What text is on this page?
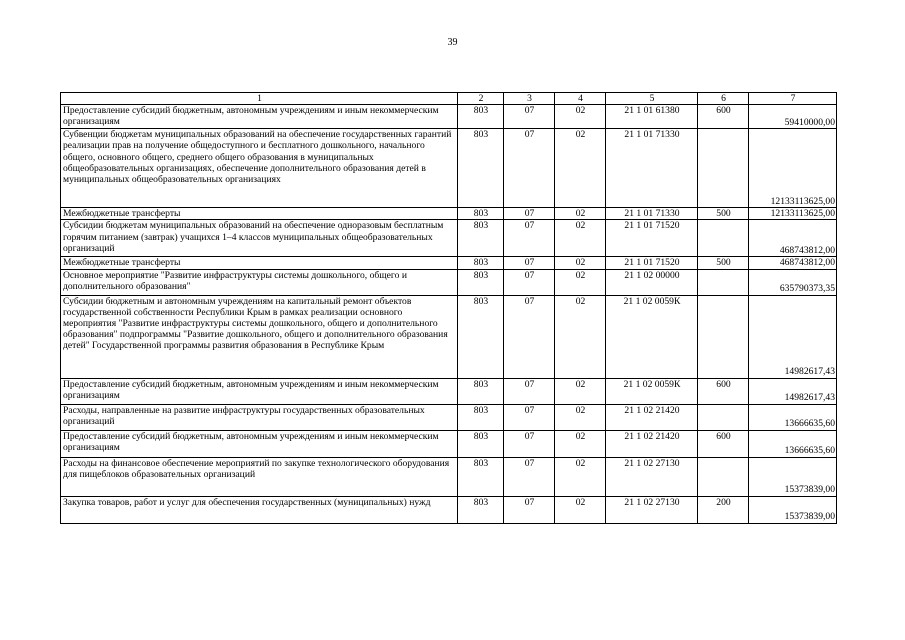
39
1	2	3	4	5	6	7
Предоставление субсидий бюджетным, автономным учреждениям и иным некоммерческим организациям	803	07	02	21 1 01 61380	600	59410000,00
Субвенции бюджетам муниципальных образований на обеспечение государственных гарантий реализации прав на получение общедоступного и бесплатного дошкольного, начального общего, основного общего, среднего общего образования в муниципальных общеобразовательных организациях, обеспечение дополнительного образования детей в муниципальных общеобразовательных организациях	803	07	02	21 1 01 71330		12133113625,00
Межбюджетные трансферты	803	07	02	21 1 01 71330	500	12133113625,00
Субсидии бюджетам муниципальных образований на обеспечение одноразовым бесплатным горячим питанием (завтрак) учащихся 1–4 классов муниципальных общеобразовательных организаций	803	07	02	21 1 01 71520		468743812,00
Межбюджетные трансферты	803	07	02	21 1 01 71520	500	468743812,00
Основное мероприятие "Развитие инфраструктуры системы дошкольного, общего и дополнительного образования"	803	07	02	21 1 02 00000		635790373,35
Субсидии бюджетным и автономным учреждениям на капитальный ремонт объектов государственной собственности Республики Крым в рамках реализации основного мероприятия "Развитие инфраструктуры системы дошкольного, общего и дополнительного образования" подпрограммы "Развитие дошкольного, общего и дополнительного образования детей" Государственной программы развития образования в Республике Крым	803	07	02	21 1 02 0059К		14982617,43
Предоставление субсидий бюджетным, автономным учреждениям и иным некоммерческим организациям	803	07	02	21 1 02 0059К	600	14982617,43
Расходы, направленные на развитие инфраструктуры государственных образовательных организаций	803	07	02	21 1 02 21420		13666635,60
Предоставление субсидий бюджетным, автономным учреждениям и иным некоммерческим организациям	803	07	02	21 1 02 21420	600	13666635,60
Расходы на финансовое обеспечение мероприятий по закупке технологического оборудования для пищеблоков образовательных организаций	803	07	02	21 1 02 27130		15373839,00
Закупка товаров, работ и услуг для обеспечения государственных (муниципальных) нужд	803	07	02	21 1 02 27130	200	15373839,00
